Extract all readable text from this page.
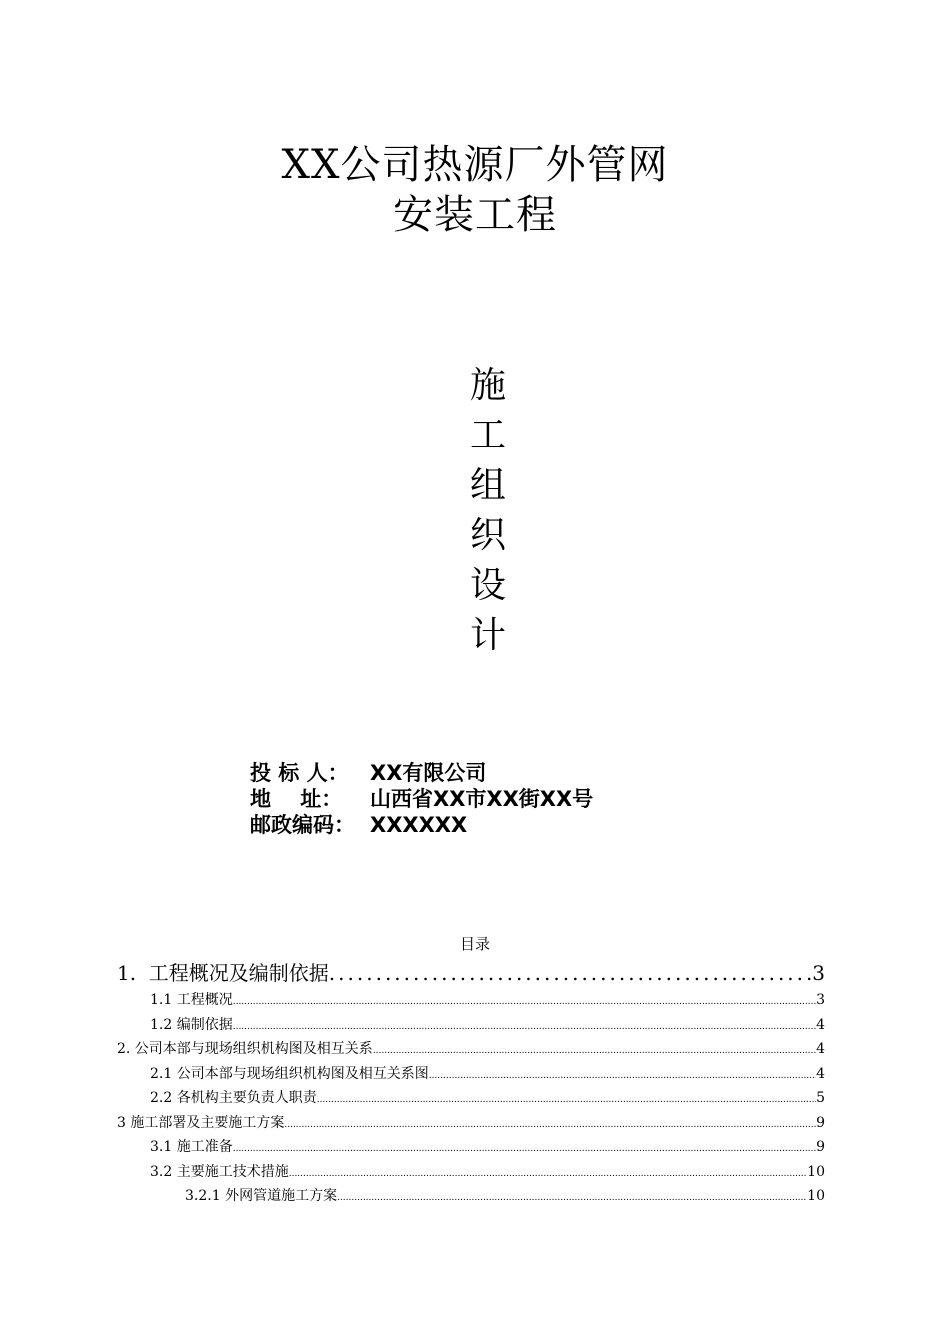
XX公司热源厂外管网
安装工程
施
工
组
织
设
计
投 标 人：	XX有限公司
地    址：	山西省XX市XX街XX号
邮政编码： XXXXXX
目录
1.  工程概况及编制依据 .....	3
1.1 工程概况 .....	3
1.2 编制依据 .....	4
2. 公司本部与现场组织机构图及相互关系 .....	4
2.1 公司本部与现场组织机构图及相互关系图 .....	4
2.2 各机构主要负责人职责 .....	5
3 施工部署及主要施工方案 .....	9
3.1 施工准备 .....	9
3.2 主要施工技术措施 .....	10
3.2.1 外网管道施工方案 .....	10
